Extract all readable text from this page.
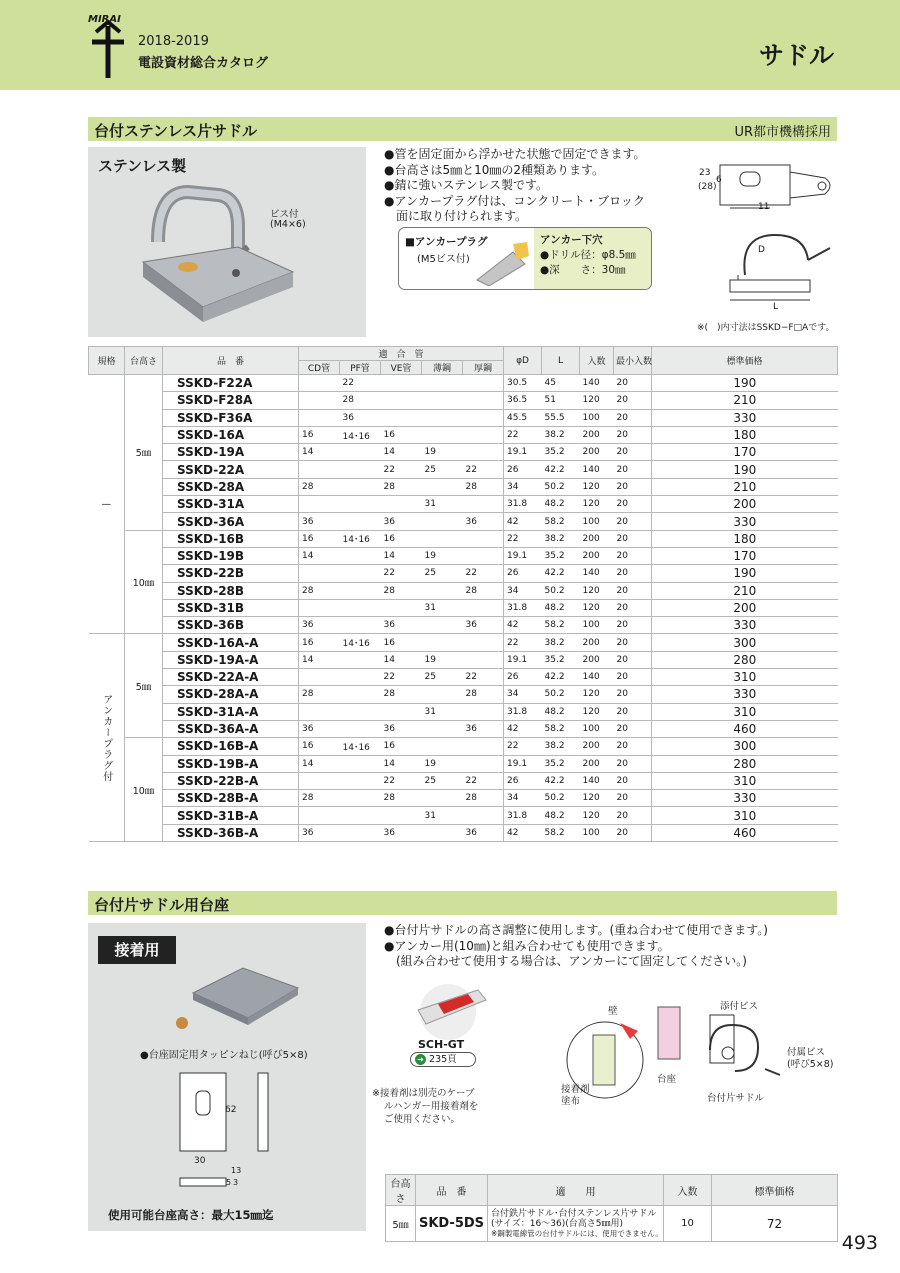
MIRAI
2018-2019
電設資材総合カタログ	サドル
台付ステンレス片サドル	UR都市機構採用
ステンレス製
ビス付
(M4×6)
●管を固定面から浮かせた状態で固定できます。
●台高さは5㎜と10㎜の2種類あります。
●錆に強いステンレス製です。
●アンカープラグ付は、コンクリート・ブロック
　面に取り付けられます。
■アンカープラグ
(M5ビス付)
アンカー下穴
●ドリル径：φ8.5㎜
●深　　さ：30㎜
23
(28)
6
11
D
L
※(　)内寸法はSSKD−F□Aです。
規格	台高さ	品　番	適　合　管					φD	L	入数	最小入数	標準価格
			CD管	PF管	VE管	薄鋼	厚鋼					
—	5㎜	SSKD-F22A		22				30.5	45	140	20	190
		SSKD-F28A		28				36.5	51	120	20	210
		SSKD-F36A		36				45.5	55.5	100	20	330
		SSKD-16A	16	14･16	16			22	38.2	200	20	180
		SSKD-19A	14		14	19		19.1	35.2	200	20	170
		SSKD-22A			22	25	22	26	42.2	140	20	190
		SSKD-28A	28		28		28	34	50.2	120	20	210
		SSKD-31A				31		31.8	48.2	120	20	200
		SSKD-36A	36		36		36	42	58.2	100	20	330
	10㎜	SSKD-16B	16	14･16	16			22	38.2	200	20	180
		SSKD-19B	14		14	19		19.1	35.2	200	20	170
		SSKD-22B			22	25	22	26	42.2	140	20	190
		SSKD-28B	28		28		28	34	50.2	120	20	210
		SSKD-31B				31		31.8	48.2	120	20	200
		SSKD-36B	36		36		36	42	58.2	100	20	330
アンカープラグ付	5㎜	SSKD-16A-A	16	14･16	16			22	38.2	200	20	300
		SSKD-19A-A	14		14	19		19.1	35.2	200	20	280
		SSKD-22A-A			22	25	22	26	42.2	140	20	310
		SSKD-28A-A	28		28		28	34	50.2	120	20	330
		SSKD-31A-A				31		31.8	48.2	120	20	310
		SSKD-36A-A	36		36		36	42	58.2	100	20	460
	10㎜	SSKD-16B-A	16	14･16	16			22	38.2	200	20	300
		SSKD-19B-A	14		14	19		19.1	35.2	200	20	280
		SSKD-22B-A			22	25	22	26	42.2	140	20	310
		SSKD-28B-A	28		28		28	34	50.2	120	20	330
		SSKD-31B-A				31		31.8	48.2	120	20	310
		SSKD-36B-A	36		36		36	42	58.2	100	20	460
台付片サドル用台座
接着用
●台座固定用タッピンねじ(呼び5×8)
62
30
5 3
13
使用可能台座高さ：最大15㎜迄
●台付片サドルの高さ調整に使用します。(重ね合わせて使用できます。)
●アンカー用(10㎜)と組み合わせても使用できます。
　(組み合わせて使用する場合は、アンカーにて固定してください。)
SCH-GT
➜ 235頁
※接着剤は別売のケーブ
ルハンガー用接着剤を
ご使用ください。
壁	添付ビス
付属ビス
(呼び5×8)
台座
接着剤
塗布	台付片サドル
台高さ	品　番	適　　用	入数	標準価格
5㎜	SKD-5DS	台付鉄片サドル･台付ステンレス片サドル
(サイズ：16〜36)(台高さ5㎜用)
※鋼製電線管の台付サドルには、使用できません。	10	72
493
